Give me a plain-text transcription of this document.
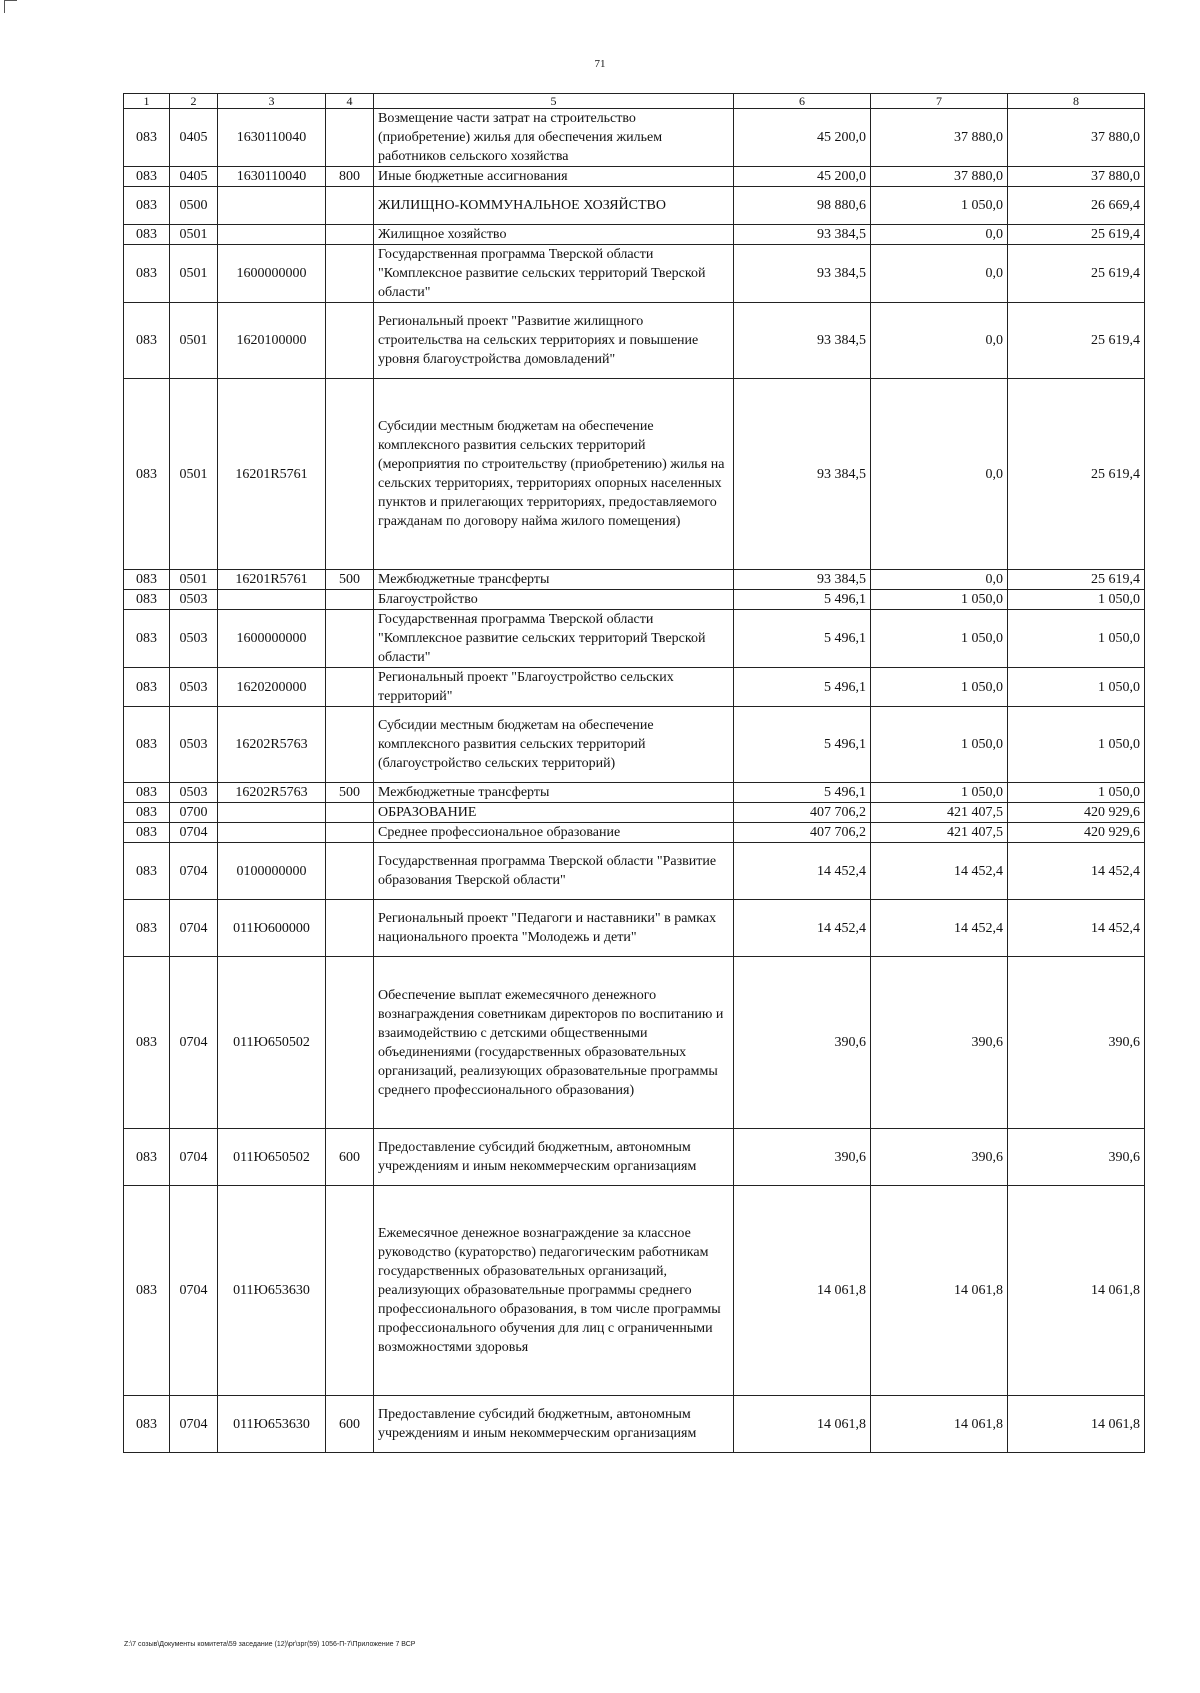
71
1	2	3	4	5	6	7	8
083	0405	1630110040		Возмещение части затрат на строительство (приобретение) жилья для обеспечения жильем работников сельского хозяйства	45 200,0	37 880,0	37 880,0
083	0405	1630110040	800	Иные бюджетные ассигнования	45 200,0	37 880,0	37 880,0
083	0500			ЖИЛИЩНО-КОММУНАЛЬНОЕ ХОЗЯЙСТВО	98 880,6	1 050,0	26 669,4
083	0501			Жилищное хозяйство	93 384,5	0,0	25 619,4
083	0501	1600000000		Государственная программа Тверской области "Комплексное развитие сельских территорий Тверской области"	93 384,5	0,0	25 619,4
083	0501	1620100000		Региональный проект "Развитие жилищного строительства на сельских территориях и повышение уровня благоустройства домовладений"	93 384,5	0,0	25 619,4
083	0501	16201R5761		Субсидии местным бюджетам на обеспечение комплексного развития сельских территорий (мероприятия по строительству (приобретению) жилья на сельских территориях, территориях опорных населенных пунктов и прилегающих территориях, предоставляемого гражданам по договору найма жилого помещения)	93 384,5	0,0	25 619,4
083	0501	16201R5761	500	Межбюджетные трансферты	93 384,5	0,0	25 619,4
083	0503			Благоустройство	5 496,1	1 050,0	1 050,0
083	0503	1600000000		Государственная программа Тверской области "Комплексное развитие сельских территорий Тверской области"	5 496,1	1 050,0	1 050,0
083	0503	1620200000		Региональный проект "Благоустройство сельских территорий"	5 496,1	1 050,0	1 050,0
083	0503	16202R5763		Субсидии местным бюджетам на обеспечение комплексного развития сельских территорий (благоустройство сельских территорий)	5 496,1	1 050,0	1 050,0
083	0503	16202R5763	500	Межбюджетные трансферты	5 496,1	1 050,0	1 050,0
083	0700			ОБРАЗОВАНИЕ	407 706,2	421 407,5	420 929,6
083	0704			Среднее профессиональное образование	407 706,2	421 407,5	420 929,6
083	0704	0100000000		Государственная программа Тверской области "Развитие образования Тверской области"	14 452,4	14 452,4	14 452,4
083	0704	011Ю600000		Региональный проект "Педагоги и наставники" в рамках национального проекта "Молодежь и дети"	14 452,4	14 452,4	14 452,4
083	0704	011Ю650502		Обеспечение выплат ежемесячного денежного вознаграждения советникам директоров по воспитанию и взаимодействию с детскими общественными объединениями (государственных образовательных организаций, реализующих образовательные программы среднего профессионального образования)	390,6	390,6	390,6
083	0704	011Ю650502	600	Предоставление субсидий бюджетным, автономным учреждениям и иным некоммерческим организациям	390,6	390,6	390,6
083	0704	011Ю653630		Ежемесячное денежное вознаграждение за классное руководство (кураторство) педагогическим работникам государственных образовательных организаций, реализующих образовательные программы среднего профессионального образования, в том числе программы профессионального обучения для лиц с ограниченными возможностями здоровья	14 061,8	14 061,8	14 061,8
083	0704	011Ю653630	600	Предоставление субсидий бюджетным, автономным учреждениям и иным некоммерческим организациям	14 061,8	14 061,8	14 061,8
Z:\7 созыв\Документы комитета\59 заседание (12)\рг\зрг(59) 1056-П-7\Приложение 7 ВСР
